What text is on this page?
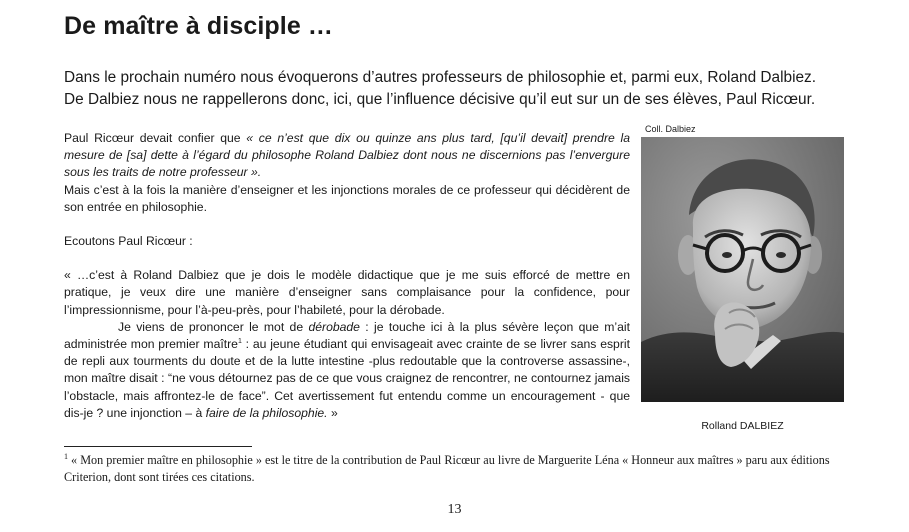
De maître à disciple …

Dans le prochain numéro nous évoquerons d’autres professeurs de philosophie et, parmi eux, Roland Dalbiez.

De Dalbiez nous ne rappellerons donc, ici, que l’influence décisive qu’il eut sur un de ses élèves, Paul Ricœur.

Paul Ricœur devait confier que « ce n’est que dix ou quinze ans plus tard, [qu’il devait] prendre la mesure de [sa] dette à l’égard du philosophe Roland Dalbiez dont nous ne discernions pas l’envergure sous les traits de notre professeur ».

Mais c’est à la fois la manière d’enseigner et les injonctions morales de ce professeur qui décidèrent de son entrée en philosophie.

Ecoutons Paul Ricœur :

« …c’est à Roland Dalbiez que je dois le modèle didactique que je me suis efforcé de mettre en pratique, je veux dire une manière d’enseigner sans complaisance pour la confidence, pour l’impressionnisme, pour l’à-peu-près, pour l’habileté, pour la dérobade.

Je viens de prononcer le mot de dérobade : je touche ici à la plus sévère leçon que m’ait administrée mon premier maître$^1$ : au jeune étudiant qui envisageait avec crainte de se livrer sans esprit de repli aux tourments du doute et de la lutte intestine -plus redoutable que la controverse assassine-, mon maître disait : “ne vous détournez pas de ce que vous craignez de rencontrer, ne contournez jamais l’obstacle, mais affrontez-le de face”. Cet avertissement fut entendu comme un encouragement - que dis-je ? une injonction – à faire de la philosophie. »

Coll. Dalbiez
Rolland DALBIEZ

$^1$ « Mon premier maître en philosophie » est le titre de la contribution de Paul Ricœur au livre de Marguerite Léna « Honneur aux maîtres » paru aux éditions Criterion, dont sont tirées ces citations.

13
